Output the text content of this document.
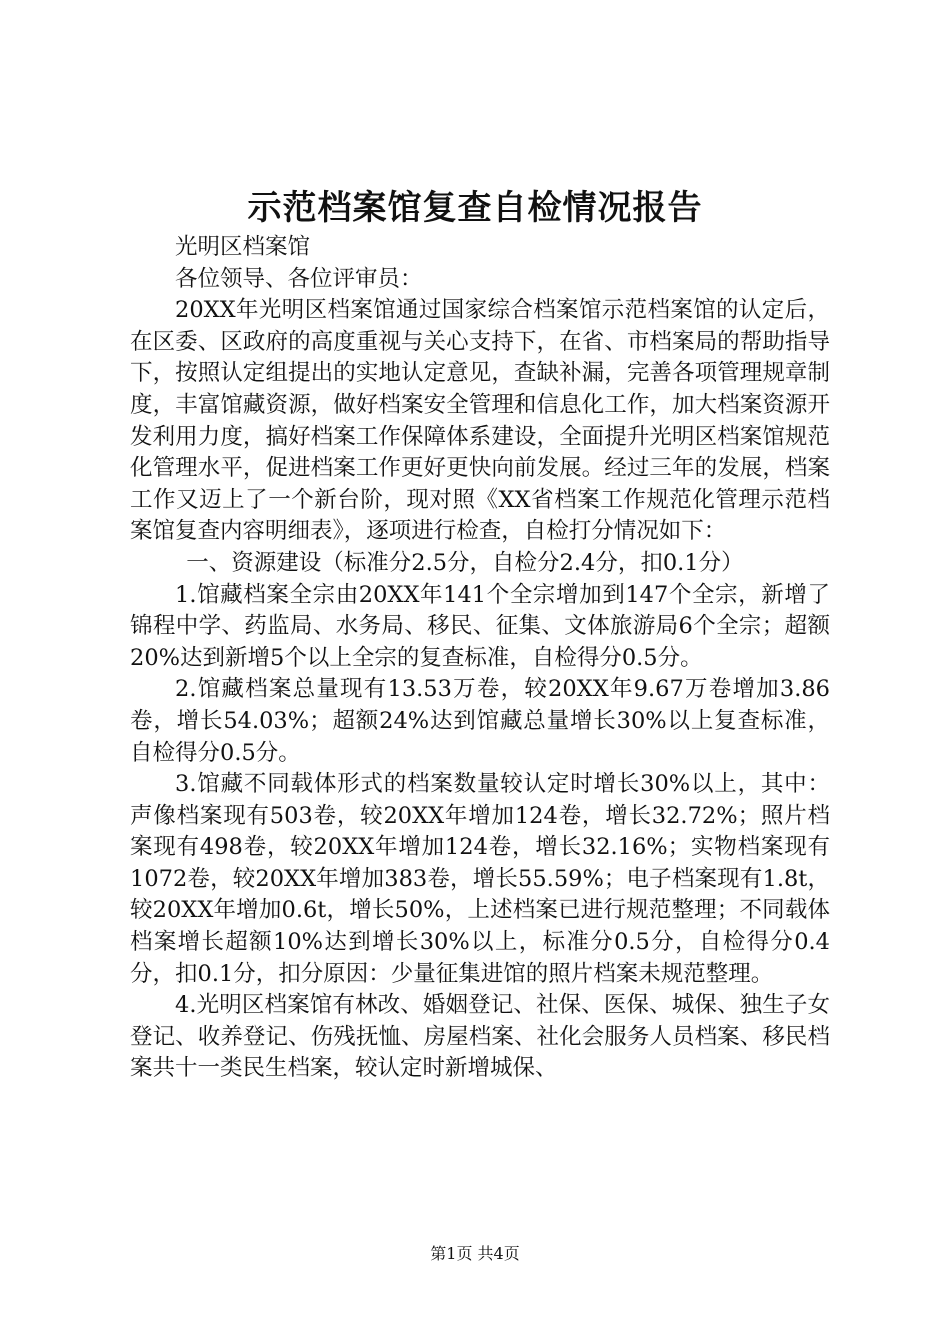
示范档案馆复查自检情况报告

光明区档案馆

各位领导、各位评审员：

20XX年光明区档案馆通过国家综合档案馆示范档案馆的认定后，在区委、区政府的高度重视与关心支持下，在省、市档案局的帮助指导下，按照认定组提出的实地认定意见，查缺补漏，完善各项管理规章制度，丰富馆藏资源，做好档案安全管理和信息化工作，加大档案资源开发利用力度，搞好档案工作保障体系建设，全面提升光明区档案馆规范化管理水平，促进档案工作更好更快向前发展。经过三年的发展，档案工作又迈上了一个新台阶，现对照《XX省档案工作规范化管理示范档案馆复查内容明细表》，逐项进行检查，自检打分情况如下：

一、资源建设（标准分2.5分，自检分2.4分，扣0.1分）

1.馆藏档案全宗由20XX年141个全宗增加到147个全宗，新增了锦程中学、药监局、水务局、移民、征集、文体旅游局6个全宗；超额20%达到新增5个以上全宗的复查标准，自检得分0.5分。

2.馆藏档案总量现有13.53万卷，较20XX年9.67万卷增加3.86卷，增长54.03%；超额24%达到馆藏总量增长30%以上复查标准，自检得分0.5分。

3.馆藏不同载体形式的档案数量较认定时增长30%以上，其中：声像档案现有503卷，较20XX年增加124卷，增长32.72%；照片档案现有498卷，较20XX年增加124卷，增长32.16%；实物档案现有1072卷，较20XX年增加383卷，增长55.59%；电子档案现有1.8t，较20XX年增加0.6t，增长50%，上述档案已进行规范整理；不同载体档案增长超额10%达到增长30%以上，标准分0.5分，自检得分0.4分，扣0.1分，扣分原因：少量征集进馆的照片档案未规范整理。

4.光明区档案馆有林改、婚姻登记、社保、医保、城保、独生子女登记、收养登记、伤残抚恤、房屋档案、社化会服务人员档案、移民档案共十一类民生档案，较认定时新增城保、

第1页 共4页
